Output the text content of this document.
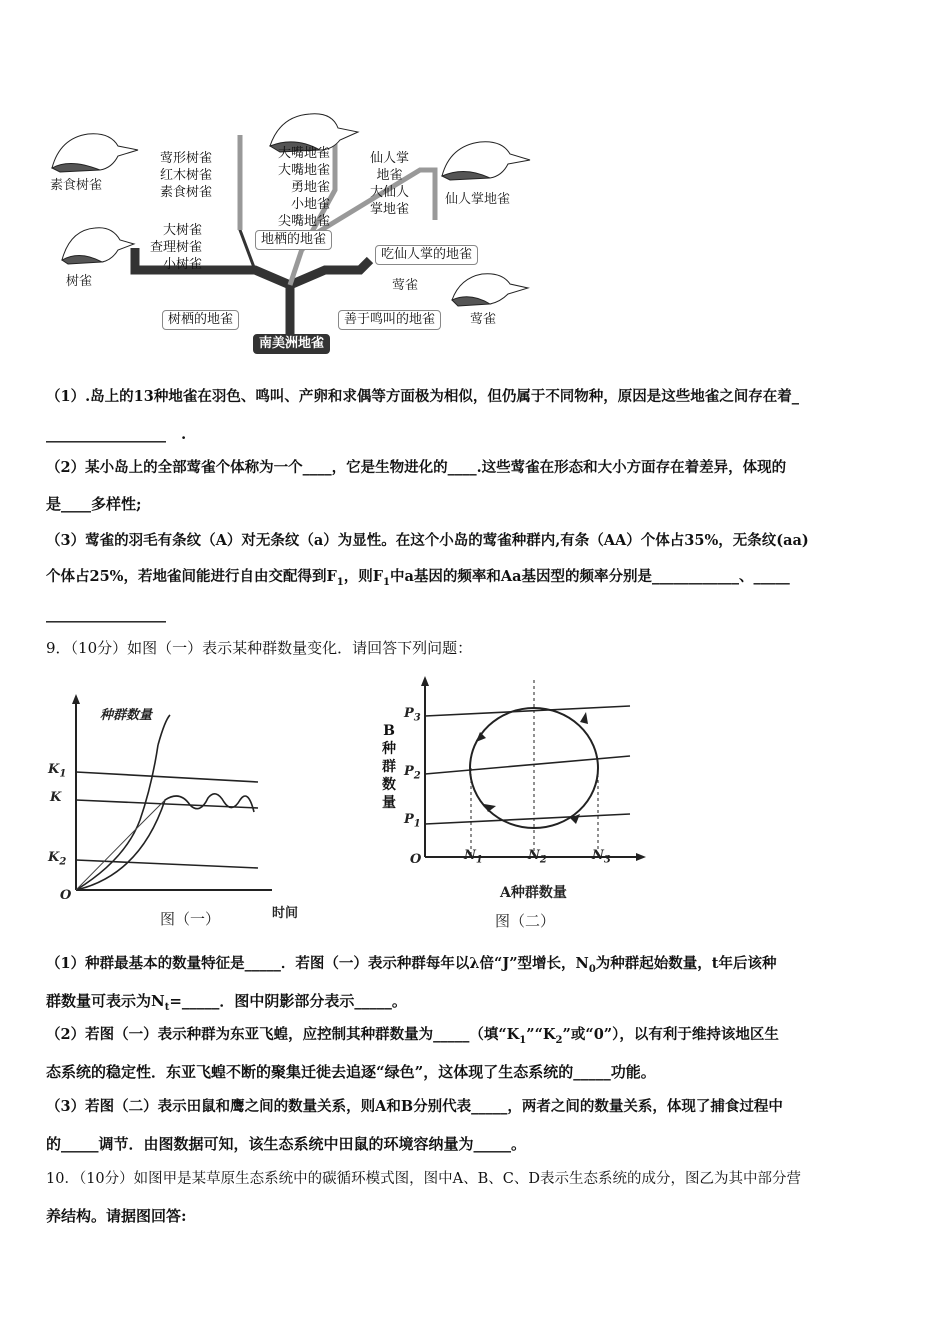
素食树雀
树雀
仙人掌地雀
莺雀
莺形树雀
红木树雀
素食树雀
大树雀
查理树雀
小树雀
大嘴地雀
大嘴地雀
勇地雀
小地雀
尖嘴地雀
仙人掌
地雀
大仙人
掌地雀
莺雀
地栖的地雀
吃仙人掌的地雀
树栖的地雀	善于鸣叫的地雀
南美洲地雀
（1）.岛上的13种地雀在羽色、鸣叫、产卵和求偶等方面极为相似，但仍属于不同物种，原因是这些地雀之间存在着_
________________　.
（2）某小岛上的全部莺雀个体称为一个____，它是生物进化的____.这些莺雀在形态和大小方面存在着差异，体现的
是____多样性;
（3）莺雀的羽毛有条纹（A）对无条纹（a）为显性。在这个小岛的莺雀种群内,有条（AA）个体占35%，无条纹(aa)
个体占25%，若地雀间能进行自由交配得到$F_1$，则$F_1$中a基因的频率和Aa基因型的频率分别是____________、_____
________________
9．（10分）如图（一）表示某种群数量变化．请回答下列问题：
种群数量
$K_1$
K
$K_2$
O
图（一）	时间
B
种
群
数
量
$P_3$
$P_2$
$P_1$
O	$N_1$	$N_2$	$N_3$
A种群数量
图（二）
（1）种群最基本的数量特征是_____．若图（一）表示种群每年以λ倍“J”型增长，$N_0$为种群起始数量，t年后该种
群数量可表示为$N_t=\_\_\_\_\_$．图中阴影部分表示_____。
（2）若图（一）表示种群为东亚飞蝗，应控制其种群数量为_____（填“$K_1”“K_2$”或“0”），以有利于维持该地区生
态系统的稳定性．东亚飞蝗不断的聚集迁徙去追逐“绿色”，这体现了生态系统的_____功能。
（3）若图（二）表示田鼠和鹰之间的数量关系，则A和B分别代表_____，两者之间的数量关系，体现了捕食过程中
的_____调节．由图数据可知，该生态系统中田鼠的环境容纳量为_____。
10．（10分）如图甲是某草原生态系统中的碳循环模式图，图中A、B、C、D表示生态系统的成分，图乙为其中部分营
养结构。请据图回答:
